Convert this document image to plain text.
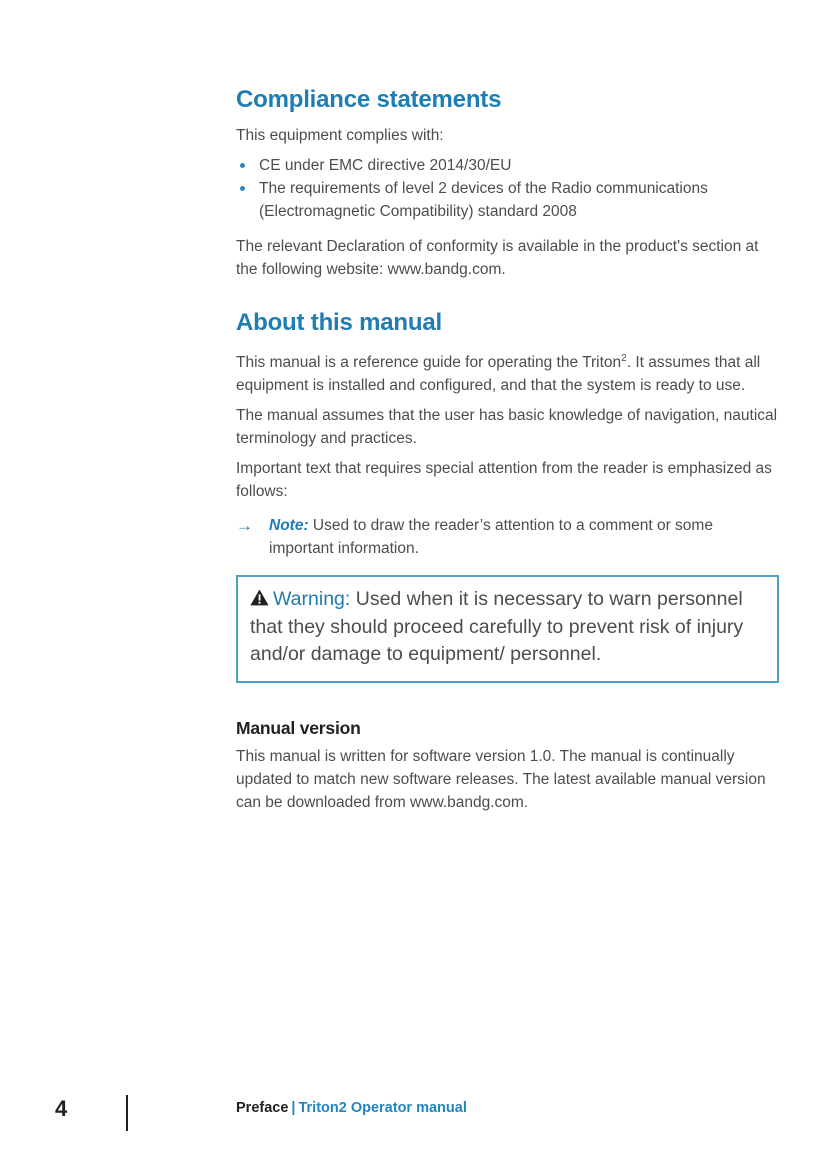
Compliance statements

This equipment complies with:

CE under EMC directive 2014/30/EU
The requirements of level 2 devices of the Radio communications (Electromagnetic Compatibility) standard 2008

The relevant Declaration of conformity is available in the product's section at the following website: www.bandg.com.

About this manual

This manual is a reference guide for operating the Triton$^2$. It assumes that all equipment is installed and configured, and that the system is ready to use.

The manual assumes that the user has basic knowledge of navigation, nautical terminology and practices.

Important text that requires special attention from the reader is emphasized as follows:

→	Note: Used to draw the reader’s attention to a comment or some important information.
Warning: Used when it is necessary to warn personnel that they should proceed carefully to prevent risk of injury and/or damage to equipment/ personnel.
Manual version

This manual is written for software version 1.0. The manual is continually updated to match new software releases. The latest available manual version can be downloaded from www.bandg.com.

4	Preface | Triton2 Operator manual
